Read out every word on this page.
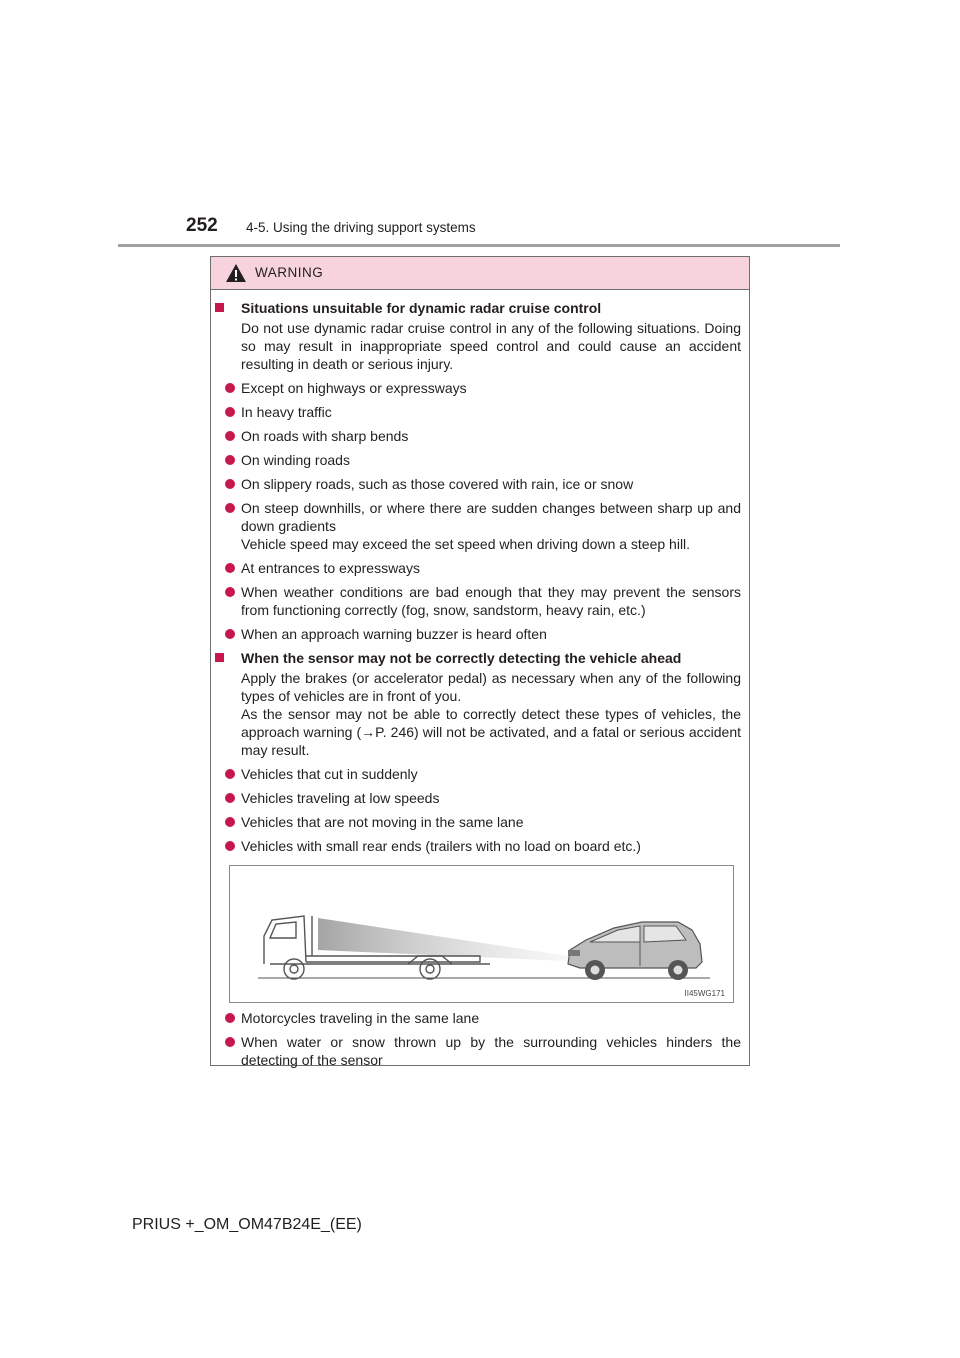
252 4-5. Using the driving support systems
WARNING
Situations unsuitable for dynamic radar cruise control

Do not use dynamic radar cruise control in any of the following situations. Doing so may result in inappropriate speed control and could cause an accident resulting in death or serious injury.

Except on highways or expressways
In heavy traffic
On roads with sharp bends
On winding roads
On slippery roads, such as those covered with rain, ice or snow
On steep downhills, or where there are sudden changes between sharp up and down gradients
Vehicle speed may exceed the set speed when driving down a steep hill.
At entrances to expressways
When weather conditions are bad enough that they may prevent the sensors from functioning correctly (fog, snow, sandstorm, heavy rain, etc.)
When an approach warning buzzer is heard often
When the sensor may not be correctly detecting the vehicle ahead

Apply the brakes (or accelerator pedal) as necessary when any of the following types of vehicles are in front of you.

As the sensor may not be able to correctly detect these types of vehicles, the approach warning (→P. 246) will not be activated, and a fatal or serious accident may result.

Vehicles that cut in suddenly
Vehicles traveling at low speeds
Vehicles that are not moving in the same lane
Vehicles with small rear ends (trailers with no load on board etc.)
II45WG171
Motorcycles traveling in the same lane
When water or snow thrown up by the surrounding vehicles hinders the detecting of the sensor
PRIUS +_OM_OM47B24E_(EE)
